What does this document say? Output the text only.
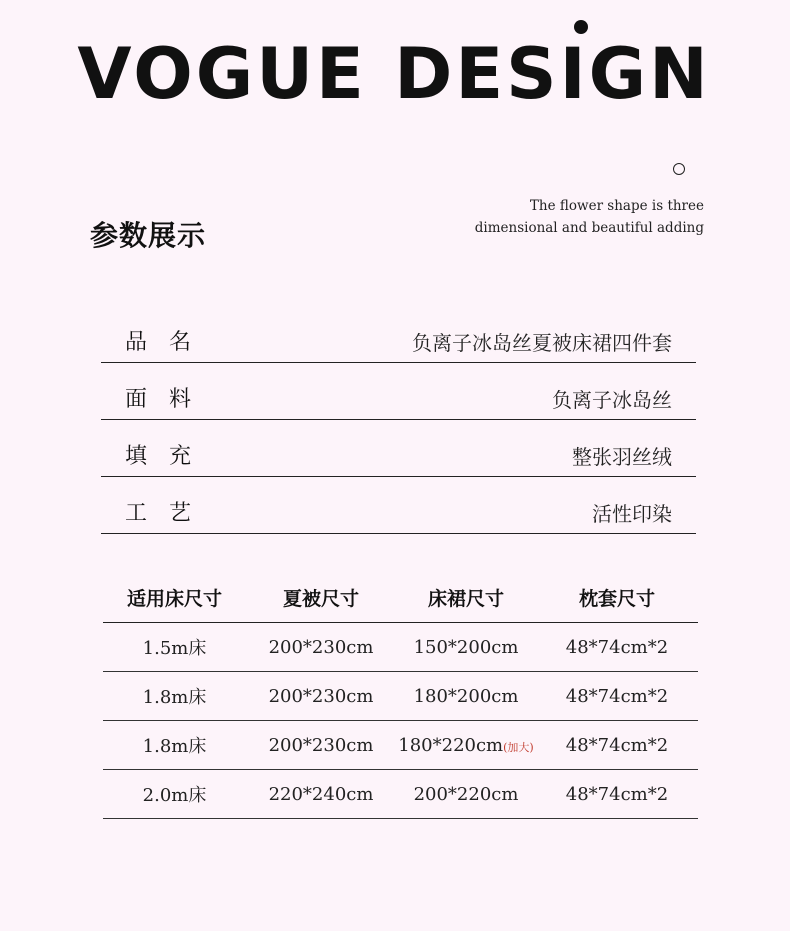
VOGUE DESIGN
The flower shape is three
dimensional and beautiful adding
参数展示
品名	负离子冰岛丝夏被床裙四件套
面料	负离子冰岛丝
填充	整张羽丝绒
工艺	活性印染
适用床尺寸	夏被尺寸	床裙尺寸	枕套尺寸
1.5m床	200*230cm	150*200cm	48*74cm*2
1.8m床	200*230cm	180*200cm	48*74cm*2
1.8m床	200*230cm	180*220cm(加大)	48*74cm*2
2.0m床	220*240cm	200*220cm	48*74cm*2
